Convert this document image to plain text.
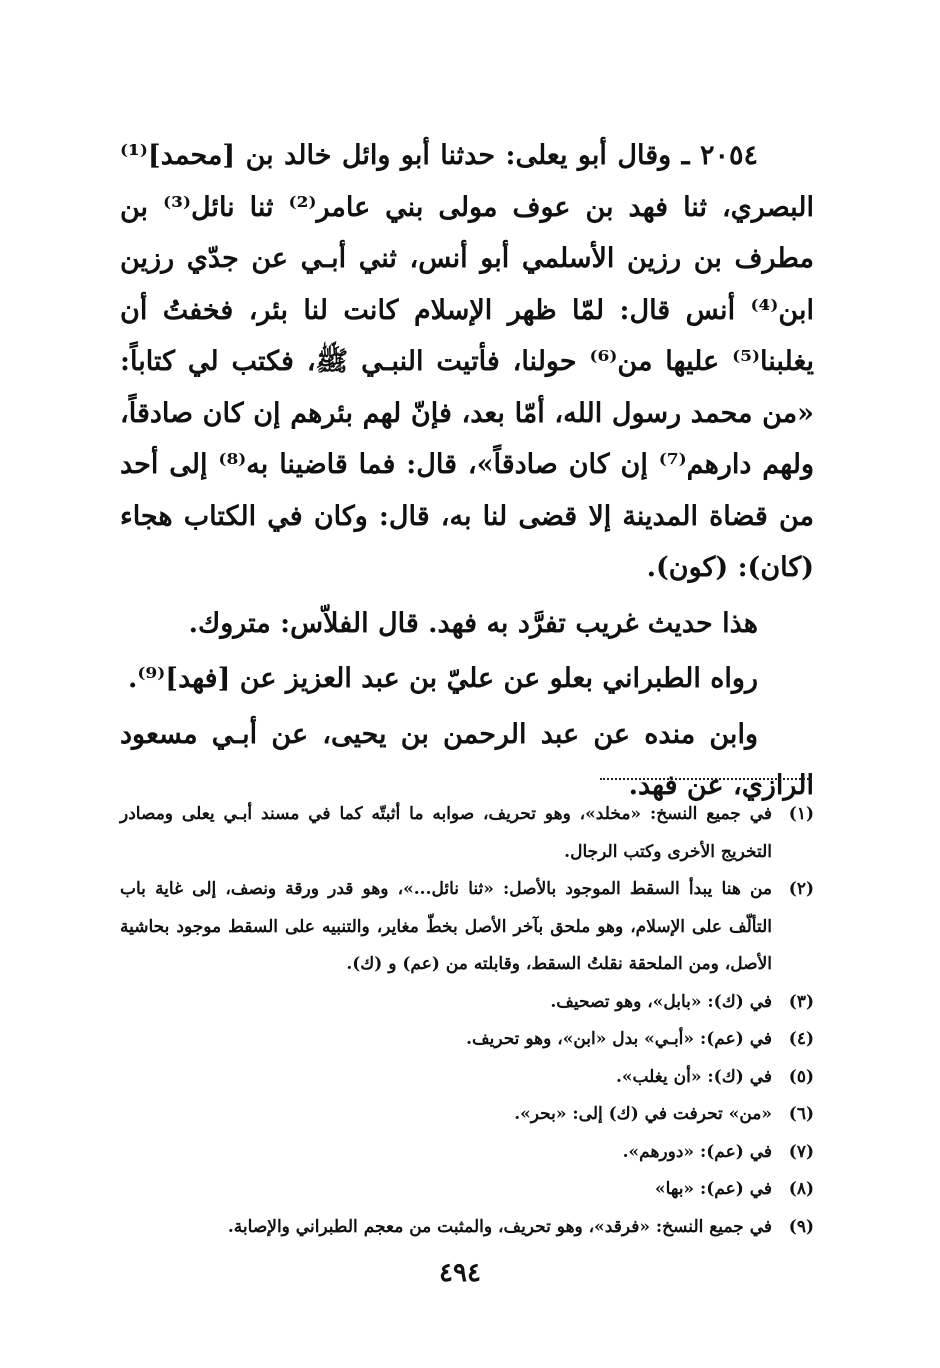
٢٠٥٤ ـ وقال أبو يعلى: حدثنا أبو وائل خالد بن [محمد]⁽¹⁾ البصري، ثنا فهد بن عوف مولى بني عامر⁽²⁾ ثنا نائل⁽³⁾ بن مطرف بن رزين الأسلمي أبو أنس، ثني أبـي عن جدّي رزين ابن⁽⁴⁾ أنس قال: لمّا ظهر الإسلام كانت لنا بئر، فخفتُ أن يغلبنا⁽⁵⁾ عليها من⁽⁶⁾ حولنا، فأتيت النبـي ﷺ، فكتب لي كتاباً: «من محمد رسول الله، أمّا بعد، فإنّ لهم بئرهم إن كان صادقاً، ولهم دارهم⁽⁷⁾ إن كان صادقاً»، قال: فما قاضينا به⁽⁸⁾ إلى أحد من قضاة المدينة إلا قضى لنا به، قال: وكان في الكتاب هجاء (كان): (كون).

هذا حديث غريب تفرَّد به فهد. قال الفلاّس: متروك.

رواه الطبراني بعلو عن عليّ بن عبد العزيز عن [فهد]⁽⁹⁾.

وابن منده عن عبد الرحمن بن يحيى، عن أبـي مسعود الرازي، عن فهد.

(١)
في جميع النسخ: «مخلد»، وهو تحريف، صوابه ما أثبتّه كما في مسند أبـي يعلى ومصادر التخريج الأخرى وكتب الرجال.
(٢)
من هنا يبدأ السقط الموجود بالأصل: «ثنا نائل...»، وهو قدر ورقة ونصف، إلى غاية باب التألّف على الإسلام، وهو ملحق بآخر الأصل بخطّ مغاير، والتنبيه على السقط موجود بحاشية الأصل، ومن الملحقة نقلتُ السقط، وقابلته من (عم) و (ك).
(٣)
في (ك): «بابل»، وهو تصحيف.
(٤)
في (عم): «أبـي» بدل «ابن»، وهو تحريف.
(٥)
في (ك): «أن يغلب».
(٦)
«من» تحرفت في (ك) إلى: «بحر».
(٧)
في (عم): «دورهم».
(٨)
في (عم): «بها»
(٩)
في جميع النسخ: «فرقد»، وهو تحريف، والمثبت من معجم الطبراني والإصابة.
٤٩٤
